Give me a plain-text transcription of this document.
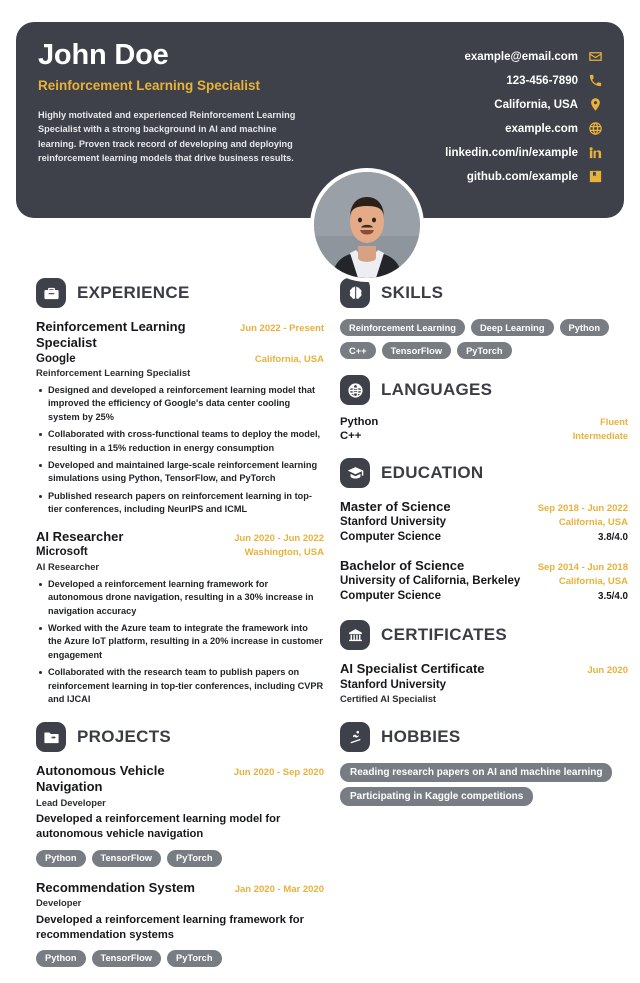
John Doe
Reinforcement Learning Specialist
Highly motivated and experienced Reinforcement Learning Specialist with a strong background in AI and machine learning. Proven track record of developing and deploying reinforcement learning models that drive business results.
example@email.com
123-456-7890
California, USA
example.com
linkedin.com/in/example
github.com/example
EXPERIENCE
Reinforcement Learning Specialist
Jun 2022 - Present
Google	California, USA
Reinforcement Learning Specialist
Designed and developed a reinforcement learning model that improved the efficiency of Google's data center cooling system by 25%
Collaborated with cross-functional teams to deploy the model, resulting in a 15% reduction in energy consumption
Developed and maintained large-scale reinforcement learning simulations using Python, TensorFlow, and PyTorch
Published research papers on reinforcement learning in top-tier conferences, including NeurIPS and ICML
AI Researcher	Jun 2020 - Jun 2022
Microsoft	Washington, USA
AI Researcher
Developed a reinforcement learning framework for autonomous drone navigation, resulting in a 30% increase in navigation accuracy
Worked with the Azure team to integrate the framework into the Azure IoT platform, resulting in a 20% increase in customer engagement
Collaborated with the research team to publish papers on reinforcement learning in top-tier conferences, including CVPR and IJCAI
PROJECTS
Autonomous Vehicle Navigation
Jun 2020 - Sep 2020
Lead Developer
Developed a reinforcement learning model for autonomous vehicle navigation
Python	TensorFlow	PyTorch
Recommendation System	Jan 2020 - Mar 2020
Developer
Developed a reinforcement learning framework for recommendation systems
Python	TensorFlow	PyTorch
SKILLS
Reinforcement Learning	Deep Learning	Python
C++	TensorFlow	PyTorch
LANGUAGES
Python	Fluent
C++	Intermediate
EDUCATION
Master of Science	Sep 2018 - Jun 2022
Stanford University	California, USA
Computer Science	3.8/4.0
Bachelor of Science	Sep 2014 - Jun 2018
University of California, Berkeley	California, USA
Computer Science	3.5/4.0
CERTIFICATES
AI Specialist Certificate	Jun 2020
Stanford University
Certified AI Specialist
HOBBIES
Reading research papers on AI and machine learning
Participating in Kaggle competitions
